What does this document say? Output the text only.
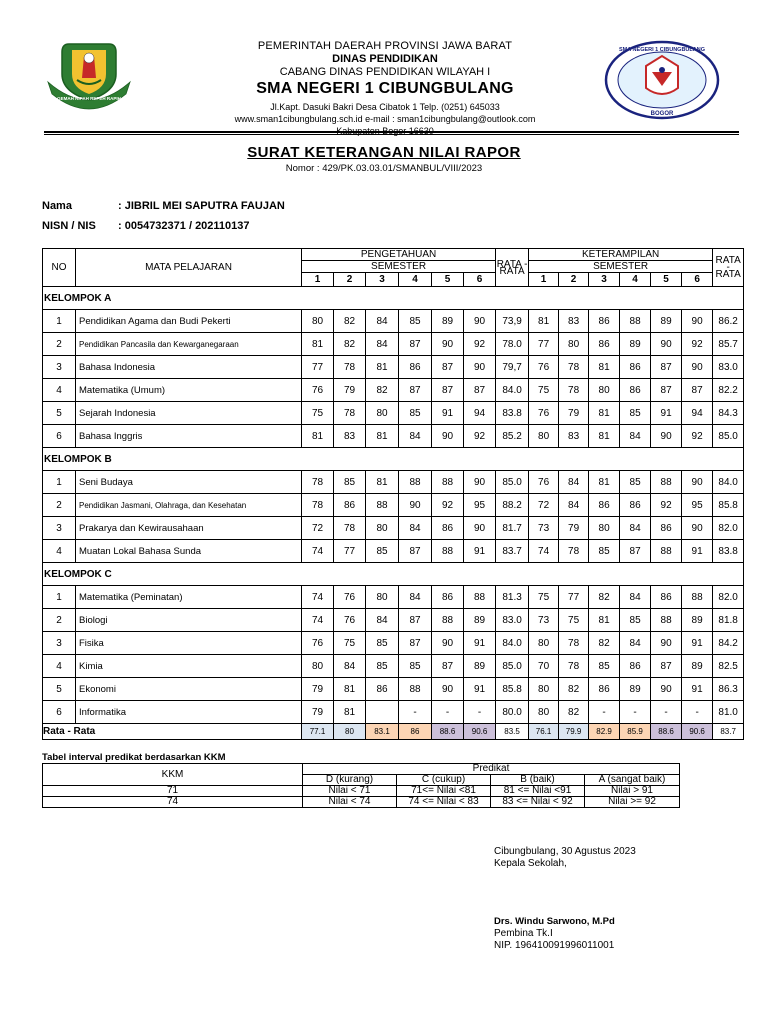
GEMAH RIPAH REPEH RAPIH
SMA NEGERI 1 CIBUNGBULANG
BOGOR
PEMERINTAH DAERAH PROVINSI JAWA BARAT
DINAS PENDIDIKAN
CABANG DINAS PENDIDIKAN WILAYAH I
SMA NEGERI 1 CIBUNGBULANG
Jl.Kapt. Dasuki Bakri Desa Cibatok 1 Telp. (0251) 645033
www.sman1cibungbulang.sch.id e-mail : sman1cibungbulang@outlook.com
SURAT KETERANGAN NILAI RAPOR
Nomor : 429/PK.03.03.01/SMANBUL/VIII/2023
Nama	: JIBRIL MEI SAPUTRA FAUJAN
NISN / NIS : 0054732371 / 202110137
NO	MATA PELAJARAN	PENGETAHUAN						RATA - RATA	KETERAMPILAN						RATA - RATA
		SEMESTER							SEMESTER						
		1	2	3	4	5	6		1	2	3	4	5	6	
KELOMPOK A															
1	Pendidikan Agama dan Budi Pekerti	80	82	84	85	89	90	73,9	81	83	86	88	89	90	86.2
2	Pendidikan Pancasila dan Kewarganegaraan	81	82	84	87	90	92	78.0	77	80	86	89	90	92	85.7
3	Bahasa Indonesia	77	78	81	86	87	90	79,7	76	78	81	86	87	90	83.0
4	Matematika (Umum)	76	79	82	87	87	87	84.0	75	78	80	86	87	87	82.2
5	Sejarah Indonesia	75	78	80	85	91	94	83.8	76	79	81	85	91	94	84.3
6	Bahasa Inggris	81	83	81	84	90	92	85.2	80	83	81	84	90	92	85.0
KELOMPOK B															
1	Seni Budaya	78	85	81	88	88	90	85.0	76	84	81	85	88	90	84.0
2	Pendidikan Jasmani, Olahraga, dan Kesehatan	78	86	88	90	92	95	88.2	72	84	86	86	92	95	85.8
3	Prakarya dan Kewirausahaan	72	78	80	84	86	90	81.7	73	79	80	84	86	90	82.0
4	Muatan Lokal Bahasa Sunda	74	77	85	87	88	91	83.7	74	78	85	87	88	91	83.8
KELOMPOK C															
1	Matematika (Peminatan)	74	76	80	84	86	88	81.3	75	77	82	84	86	88	82.0
2	Biologi	74	76	84	87	88	89	83.0	73	75	81	85	88	89	81.8
3	Fisika	76	75	85	87	90	91	84.0	80	78	82	84	90	91	84.2
4	Kimia	80	84	85	85	87	89	85.0	70	78	85	86	87	89	82.5
5	Ekonomi	79	81	86	88	90	91	85.8	80	82	86	89	90	91	86.3
6	Informatika	79	81		-	-	-	80.0	80	82	-	-	-	-	81.0
Rata - Rata		77.1	80	83.1	86	88.6	90.6	83.5	76.1	79.9	82.9	85.9	88.6	90.6	83.7
Tabel interval predikat berdasarkan KKM
KKM	Predikat			
	D (kurang)	C (cukup)	B (baik)	A (sangat baik)
71	Nilai < 71	71<= Nilai <81	81 <= Nilai <91	Nilai > 91
74	Nilai < 74	74 <= Nilai < 83	83 <= Nilai < 92	Nilai >= 92
Cibungbulang, 30 Agustus 2023
Kepala Sekolah,
Drs. Windu Sarwono, M.Pd
Pembina Tk.I
NIP. 196410091996011001
